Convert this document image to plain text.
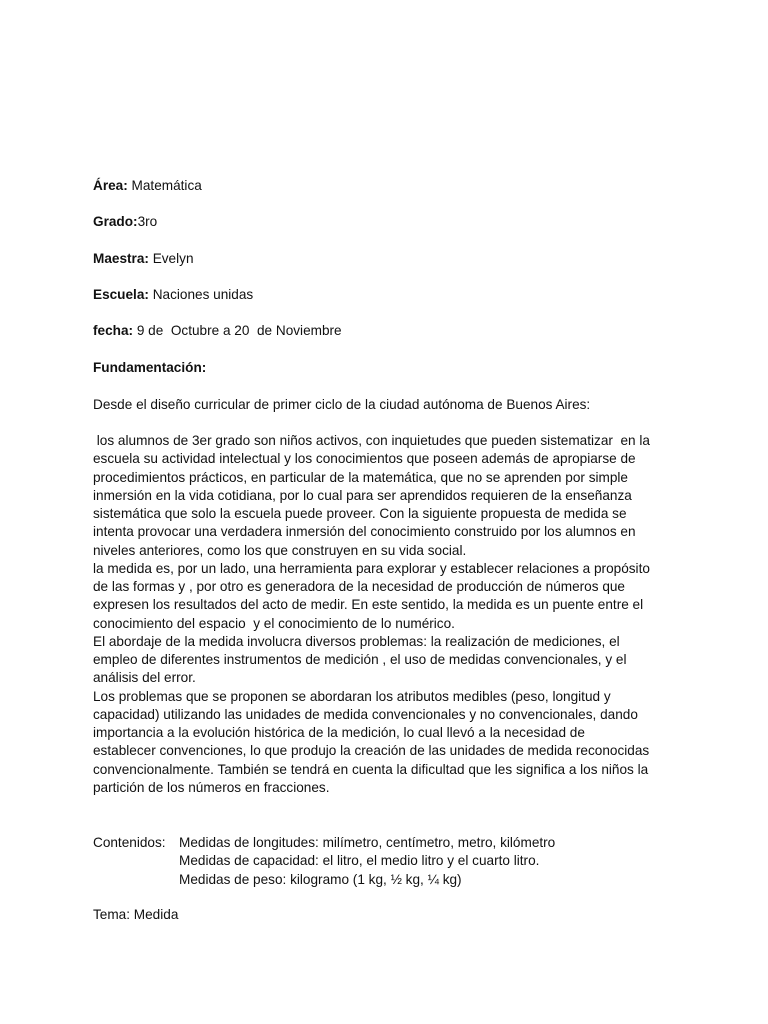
Área: Matemática
Grado:3ro
Maestra: Evelyn
Escuela: Naciones unidas
fecha: 9 de  Octubre a 20  de Noviembre
Fundamentación:
Desde el diseño curricular de primer ciclo de la ciudad autónoma de Buenos Aires:

los alumnos de 3er grado son niños activos, con inquietudes que pueden sistematizar  en la

escuela su actividad intelectual y los conocimientos que poseen además de apropiarse de

procedimientos prácticos, en particular de la matemática, que no se aprenden por simple

inmersión en la vida cotidiana, por lo cual para ser aprendidos requieren de la enseñanza

sistemática que solo la escuela puede proveer. Con la siguiente propuesta de medida se

intenta provocar una verdadera inmersión del conocimiento construido por los alumnos en

niveles anteriores, como los que construyen en su vida social.

la medida es, por un lado, una herramienta para explorar y establecer relaciones a propósito

de las formas y , por otro es generadora de la necesidad de producción de números que

expresen los resultados del acto de medir. En este sentido, la medida es un puente entre el

conocimiento del espacio  y el conocimiento de lo numérico.

El abordaje de la medida involucra diversos problemas: la realización de mediciones, el

empleo de diferentes instrumentos de medición , el uso de medidas convencionales, y el

análisis del error.

Los problemas que se proponen se abordaran los atributos medibles (peso, longitud y

capacidad) utilizando las unidades de medida convencionales y no convencionales, dando

importancia a la evolución histórica de la medición, lo cual llevó a la necesidad de

establecer convenciones, lo que produjo la creación de las unidades de medida reconocidas

convencionalmente. También se tendrá en cuenta la dificultad que les significa a los niños la

partición de los números en fracciones.

Contenidos: Medidas de longitudes: milímetro, centímetro, metro, kilómetro
Medidas de capacidad: el litro, el medio litro y el cuarto litro.
Medidas de peso: kilogramo (1 kg, ½ kg, ¼ kg)
Tema: Medida
